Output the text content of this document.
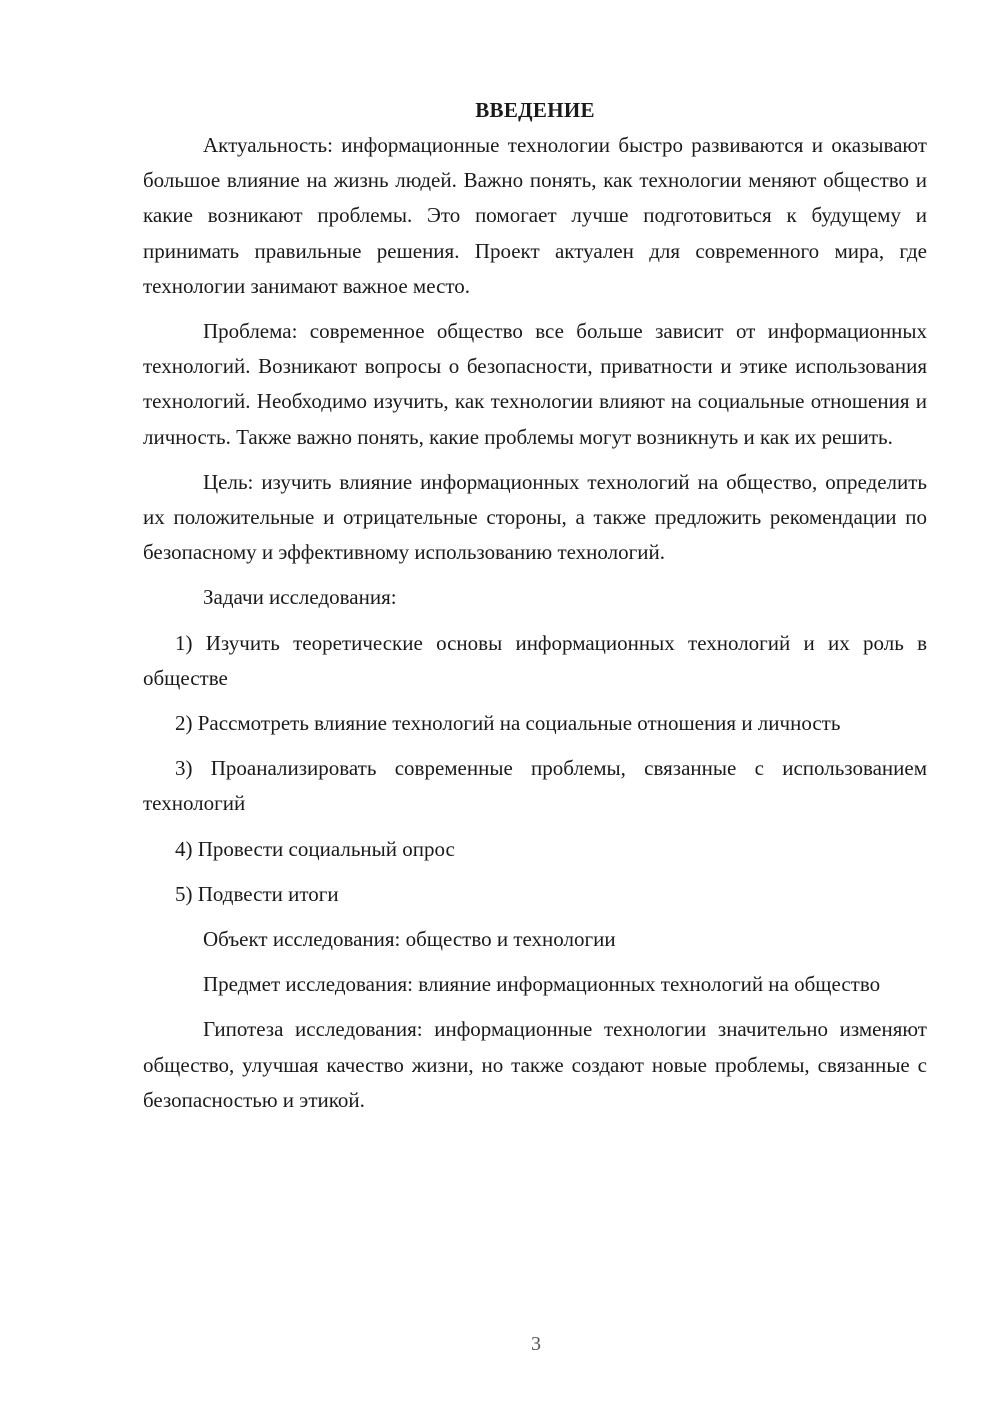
ВВЕДЕНИЕ

Актуальность: информационные технологии быстро развиваются и оказывают большое влияние на жизнь людей. Важно понять, как технологии меняют общество и какие возникают проблемы. Это помогает лучше подготовиться к будущему и принимать правильные решения. Проект актуален для современного мира, где технологии занимают важное место.

Проблема: современное общество все больше зависит от информационных технологий. Возникают вопросы о безопасности, приватности и этике использования технологий. Необходимо изучить, как технологии влияют на социальные отношения и личность. Также важно понять, какие проблемы могут возникнуть и как их решить.

Цель: изучить влияние информационных технологий на общество, определить их положительные и отрицательные стороны, а также предложить рекомендации по безопасному и эффективному использованию технологий.

Задачи исследования:

1) Изучить теоретические основы информационных технологий и их роль в обществе

2) Рассмотреть влияние технологий на социальные отношения и личность

3) Проанализировать современные проблемы, связанные с использованием технологий

4) Провести социальный опрос

5) Подвести итоги

Объект исследования: общество и технологии

Предмет исследования: влияние информационных технологий на общество

Гипотеза исследования: информационные технологии значительно изменяют общество, улучшая качество жизни, но также создают новые проблемы, связанные с безопасностью и этикой.

3
